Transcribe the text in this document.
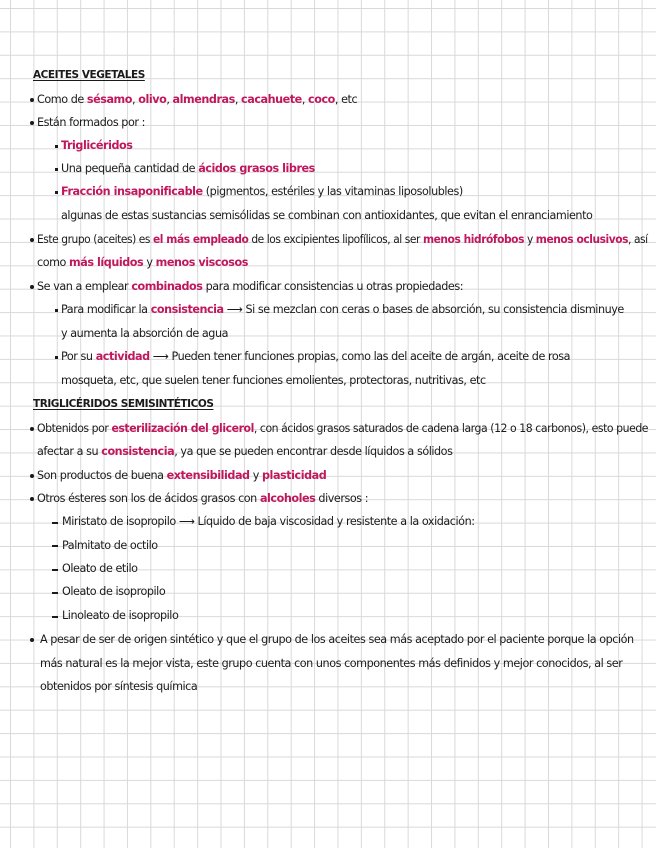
ACEITES VEGETALES
Como de sésamo, olivo, almendras, cacahuete, coco, etc
Están formados por :
Triglicéridos
Una pequeña cantidad de ácidos grasos libres
Fracción insaponificable (pigmentos, estériles y las vitaminas liposolubles)
algunas de estas sustancias semisólidas se combinan con antioxidantes, que evitan el enranciamiento
Este grupo (aceites) es el más empleado de los excipientes lipofílicos, al ser menos hidrófobos y menos oclusivos, así
como más líquidos y menos viscosos
Se van a emplear combinados para modificar consistencias u otras propiedades:
Para modificar la consistencia ⟶ Si se mezclan con ceras o bases de absorción, su consistencia disminuye
y aumenta la absorción de agua
Por su actividad ⟶ Pueden tener funciones propias, como las del aceite de argán, aceite de rosa
mosqueta, etc, que suelen tener funciones emolientes, protectoras, nutritivas, etc
TRIGLICÉRIDOS SEMISINTÉTICOS
Obtenidos por esterilización del glicerol, con ácidos grasos saturados de cadena larga (12 o 18 carbonos), esto puede
afectar a su consistencia, ya que se pueden encontrar desde líquidos a sólidos
Son productos de buena extensibilidad y plasticidad
Otros ésteres son los de ácidos grasos con alcoholes diversos :
Miristato de isopropilo ⟶ Líquido de baja viscosidad y resistente a la oxidación:
Palmitato de octilo
Oleato de etilo
Oleato de isopropilo
Linoleato de isopropilo
A pesar de ser de origen sintético y que el grupo de los aceites sea más aceptado por el paciente porque la opción
más natural es la mejor vista, este grupo cuenta con unos componentes más definidos y mejor conocidos, al ser
obtenidos por síntesis química
